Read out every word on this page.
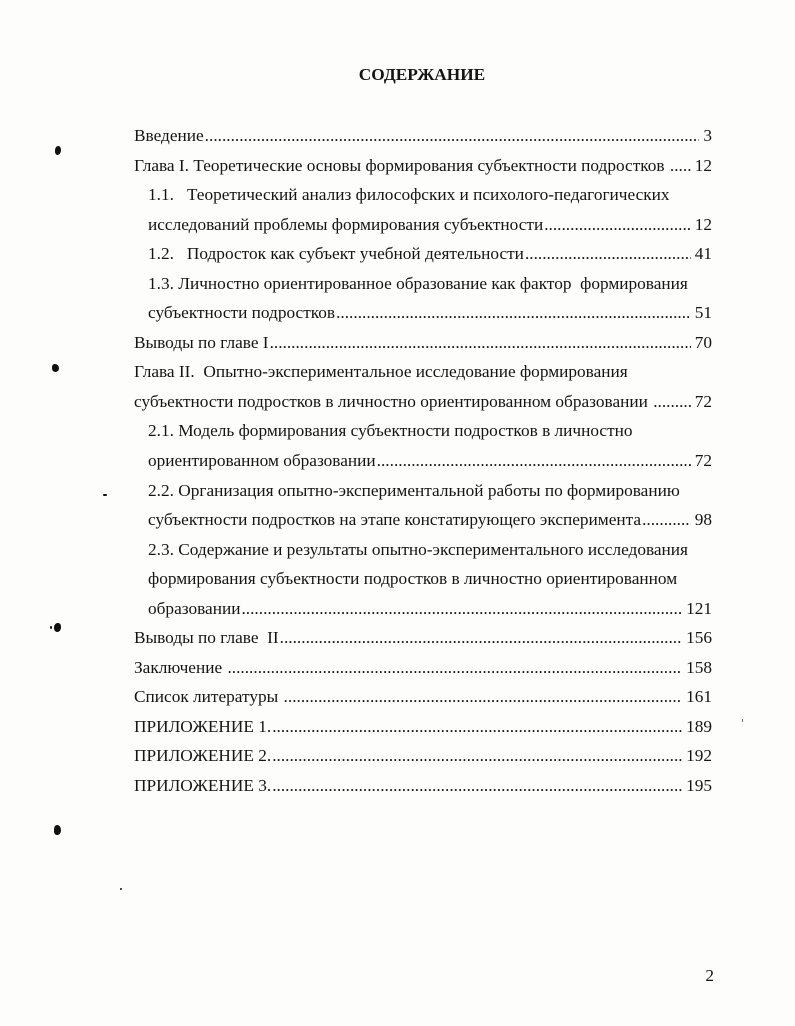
СОДЕРЖАНИЕ
Введение .....	3
Глава I. Теоретические основы формирования субъектности подростков ..... 12
1.1.   Теоретический анализ философских и психолого-педагогических
исследований проблемы формирования субъектности .....	12
1.2.   Подросток как субъект учебной деятельности .....	41
1.3. Личностно ориентированное образование как фактор  формирования
субъектности подростков .....	51
Выводы по главе I .....	70
Глава II.  Опытно-экспериментальное исследование формирования
субъектности подростков в личностно ориентированном образовании ..... 72
2.1. Модель формирования субъектности подростков в личностно
ориентированном образовании .....	72
2.2. Организация опытно-экспериментальной работы по формированию
субъектности подростков на этапе констатирующего эксперимента .....	98
2.3. Содержание и результаты опытно-экспериментального исследования
формирования субъектности подростков в личностно ориентированном
образовании .....	121
Выводы по главе  II .....	156
Заключение .....	158
Список литературы .....	161
ПРИЛОЖЕНИЕ 1. .....	189
ПРИЛОЖЕНИЕ 2. .....	192
ПРИЛОЖЕНИЕ 3. .....	195
2
